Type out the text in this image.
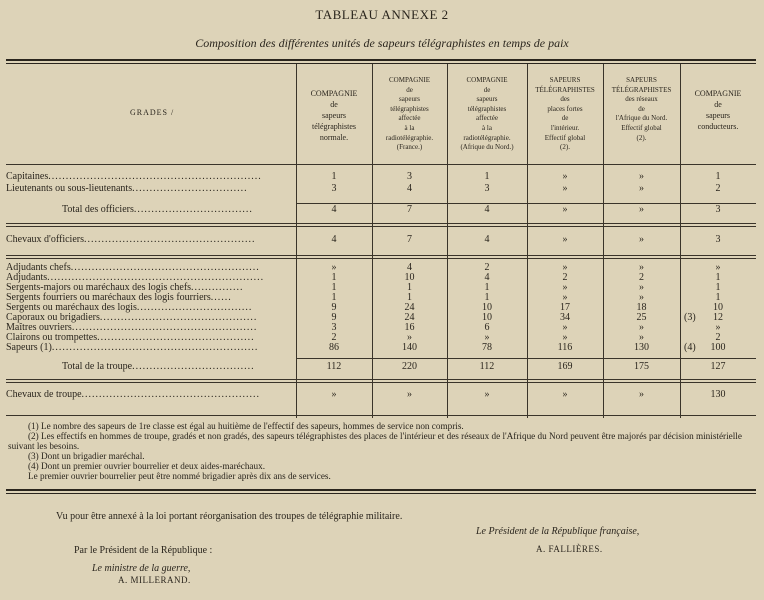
TABLEAU ANNEXE 2
Composition des différentes unités de sapeurs télégraphistes en temps de paix
GRADES /
COMPAGNIE
de
sapeurs
télégraphistes
normale.
COMPAGNIE
de
sapeurs
télégraphistes
affectée
à la
radiotélégraphie.
(France.)
COMPAGNIE
de
sapeurs
télégraphistes
affectée
à la
radiotélégraphie.
(Afrique du Nord.)
SAPEURS
TÉLÉGRAPHISTES
des
places fortes
de
l'intérieur.
Effectif global
(2).
SAPEURS
TÉLÉGRAPHISTES
des réseaux
de
l'Afrique du Nord.
Effectif global
(2).
COMPAGNIE
de
sapeurs
conducteurs.
Capitaines.............................................................	1	3	1	»	»	1
Lieutenants ou sous-lieutenants.................................	3	4	3	»	»	2
Total des officiers..................................	4	7	4	»	»	3
Chevaux d'officiers.................................................	4	7	4	»	»	3
Adjudants chefs......................................................	»	4	2	»	»	»
Adjudants..............................................................	1	10	4	2	2	1
Sergents-majors ou maréchaux des logis chefs...............	1	1	1	»	»	1
Sergents fourriers ou maréchaux des logis fourriers......	1	1	1	»	»	1
Sergents ou maréchaux des logis.................................	9	24	10	17	18	10
Caporaux ou brigadiers.............................................	9	24	10	34	25	12
(3)
Maîtres ouvriers.....................................................	3	16	6	»	»	»
Clairons ou trompettes.............................................	2	»	»	»	»	2
Sapeurs (1)...........................................................	86	140	78	116	130	100
(4)
Total de la troupe...................................	112	220	112	169	175	127
Chevaux de troupe...................................................	»	»	»	»	»	130
(1) Le nombre des sapeurs de 1re classe est égal au huitième de l'effectif des sapeurs, hommes de service non compris.
(2) Les effectifs en hommes de troupe, gradés et non gradés, des sapeurs télégraphistes des places de l'intérieur et des réseaux de l'Afrique du Nord peuvent être majorés par décision ministérielle suivant les besoins.
(3) Dont un brigadier maréchal.
(4) Dont un premier ouvrier bourrelier et deux aides-maréchaux.
Le premier ouvrier bourrelier peut être nommé brigadier après dix ans de services.
Vu pour être annexé à la loi portant réorganisation des troupes de télégraphie militaire.
Le Président de la République française,
A. FALLIÈRES.
Par le Président de la République :
Le ministre de la guerre,
A. MILLERAND.
